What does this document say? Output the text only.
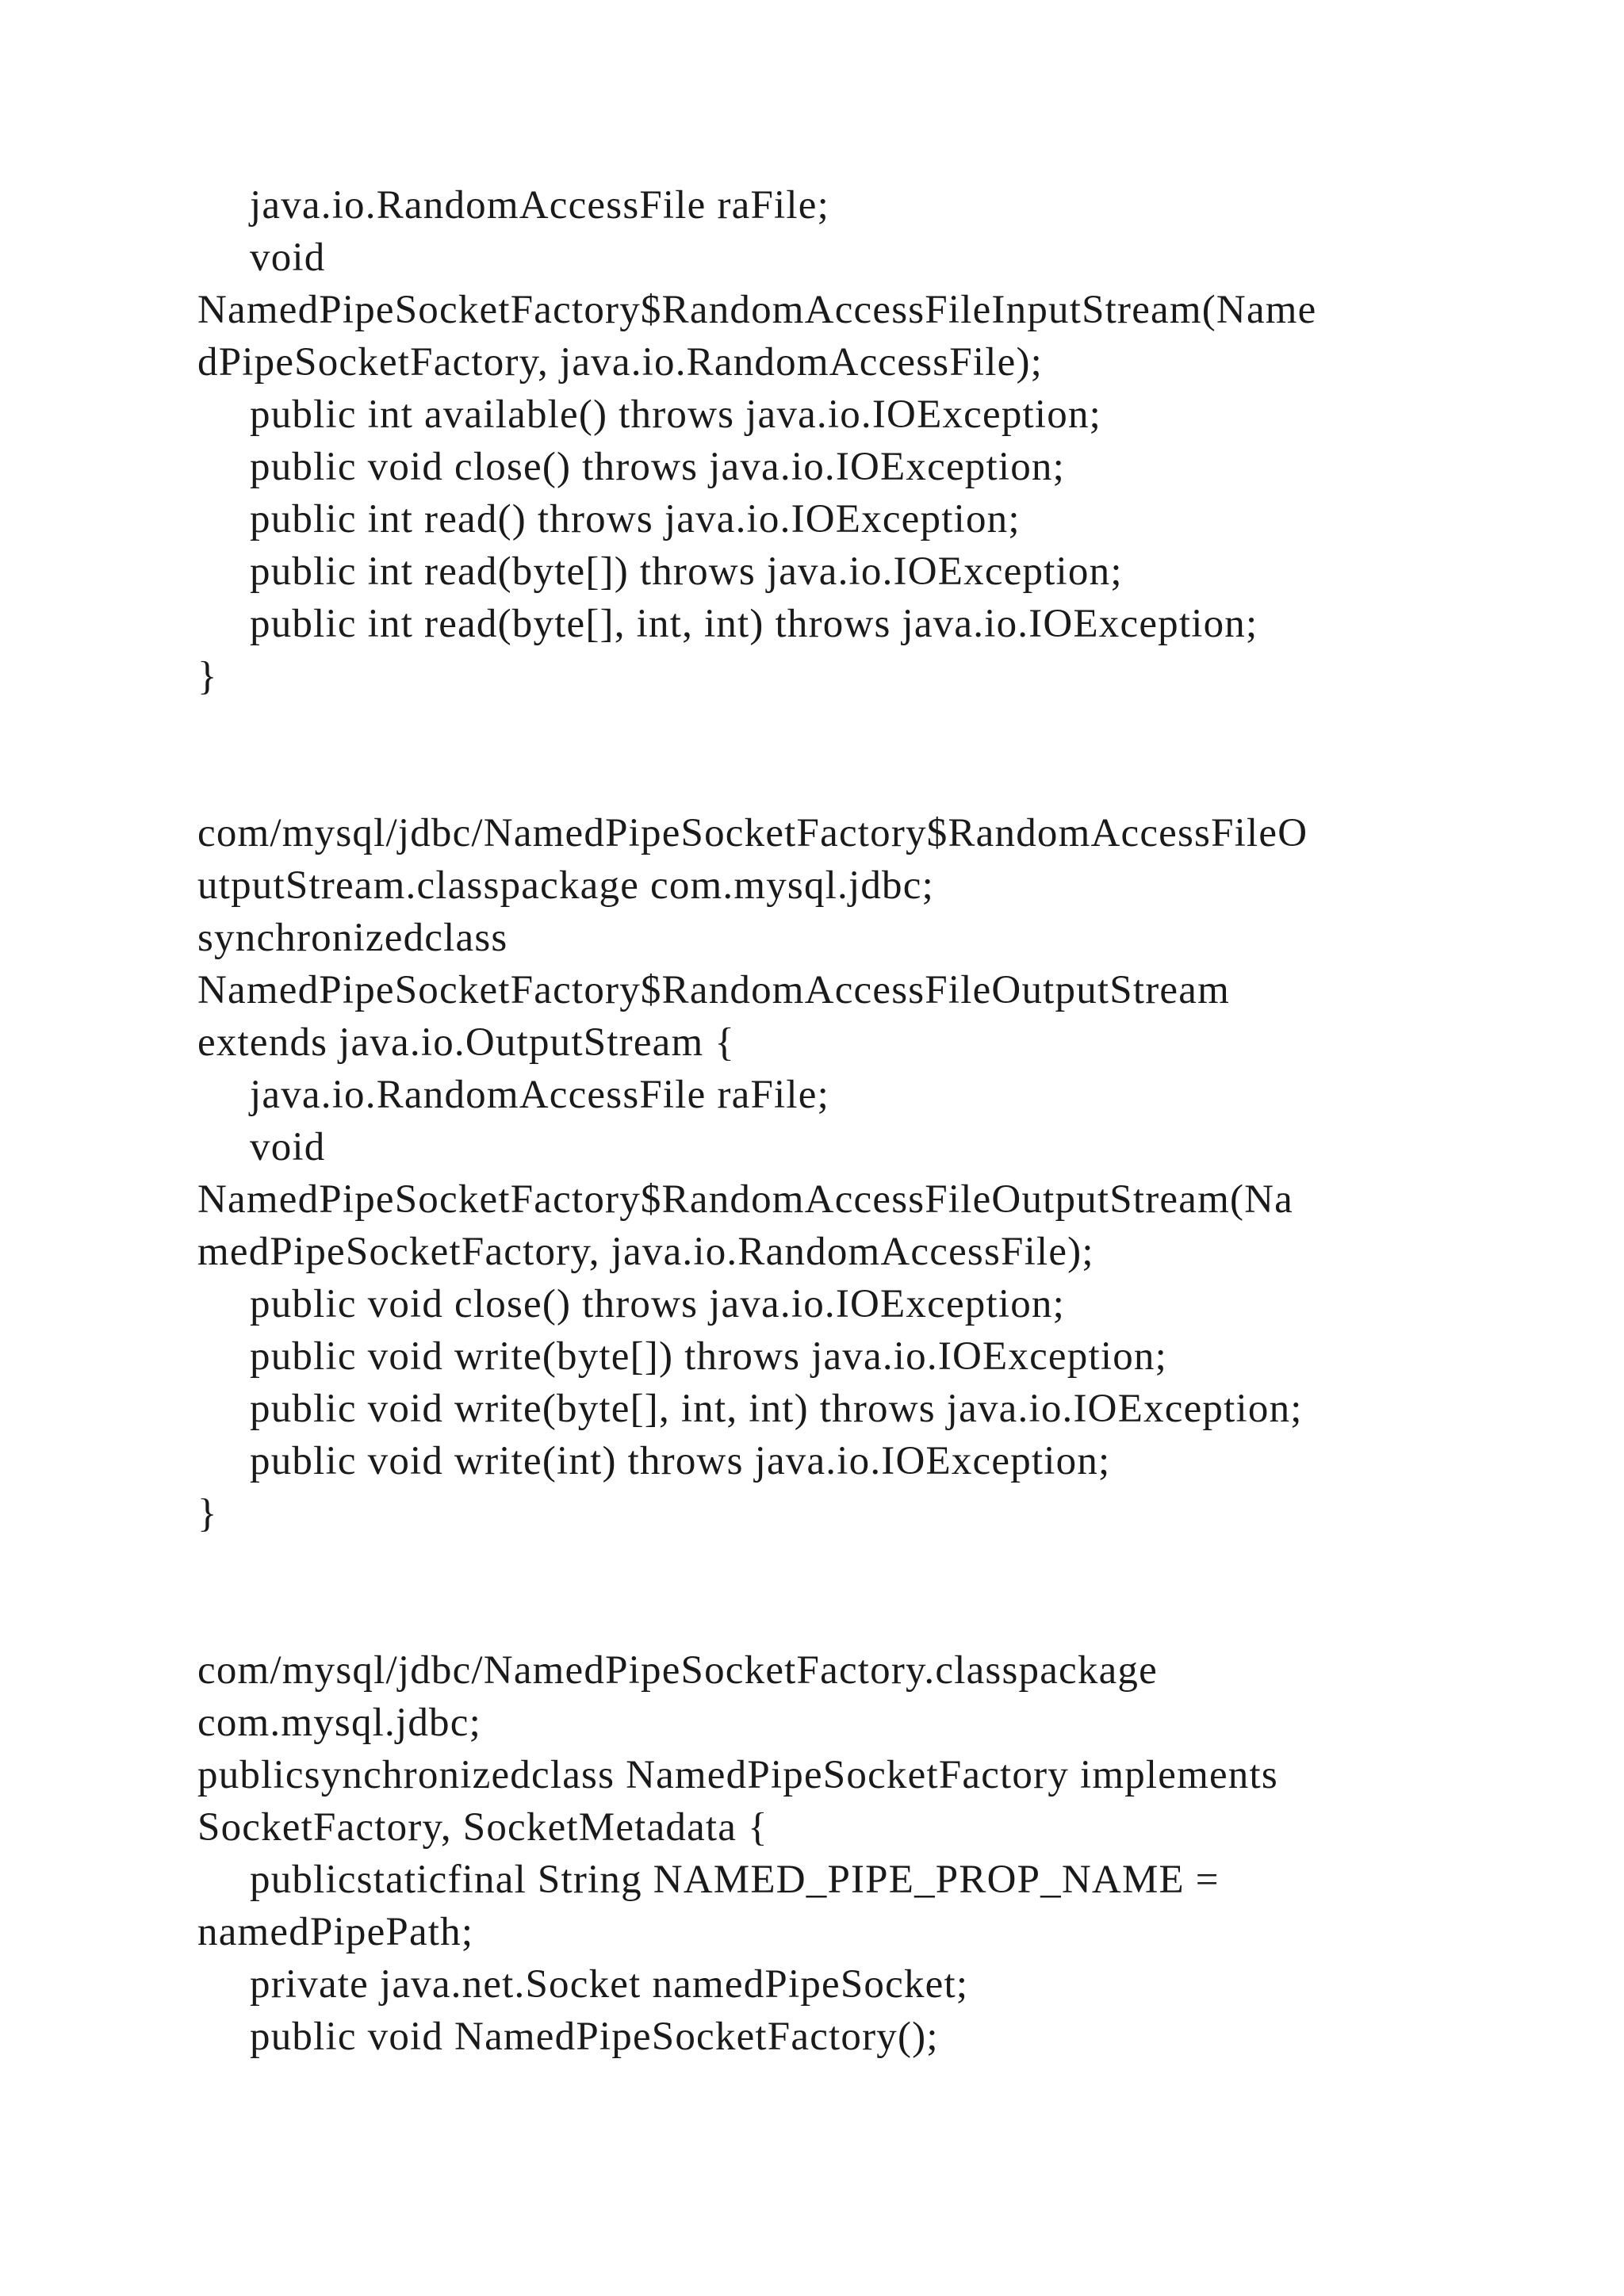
java.io.RandomAccessFile raFile;
void
NamedPipeSocketFactory$RandomAccessFileInputStream(Name
dPipeSocketFactory, java.io.RandomAccessFile);
public int available() throws java.io.IOException;
public void close() throws java.io.IOException;
public int read() throws java.io.IOException;
public int read(byte[]) throws java.io.IOException;
public int read(byte[], int, int) throws java.io.IOException;
}
com/mysql/jdbc/NamedPipeSocketFactory$RandomAccessFileO
utputStream.classpackage com.mysql.jdbc;
synchronizedclass
NamedPipeSocketFactory$RandomAccessFileOutputStream
extends java.io.OutputStream {
java.io.RandomAccessFile raFile;
void
NamedPipeSocketFactory$RandomAccessFileOutputStream(Na
medPipeSocketFactory, java.io.RandomAccessFile);
public void close() throws java.io.IOException;
public void write(byte[]) throws java.io.IOException;
public void write(byte[], int, int) throws java.io.IOException;
public void write(int) throws java.io.IOException;
}
com/mysql/jdbc/NamedPipeSocketFactory.classpackage
com.mysql.jdbc;
publicsynchronizedclass NamedPipeSocketFactory implements
SocketFactory, SocketMetadata {
publicstaticfinal String NAMED_PIPE_PROP_NAME =
namedPipePath;
private java.net.Socket namedPipeSocket;
public void NamedPipeSocketFactory();
